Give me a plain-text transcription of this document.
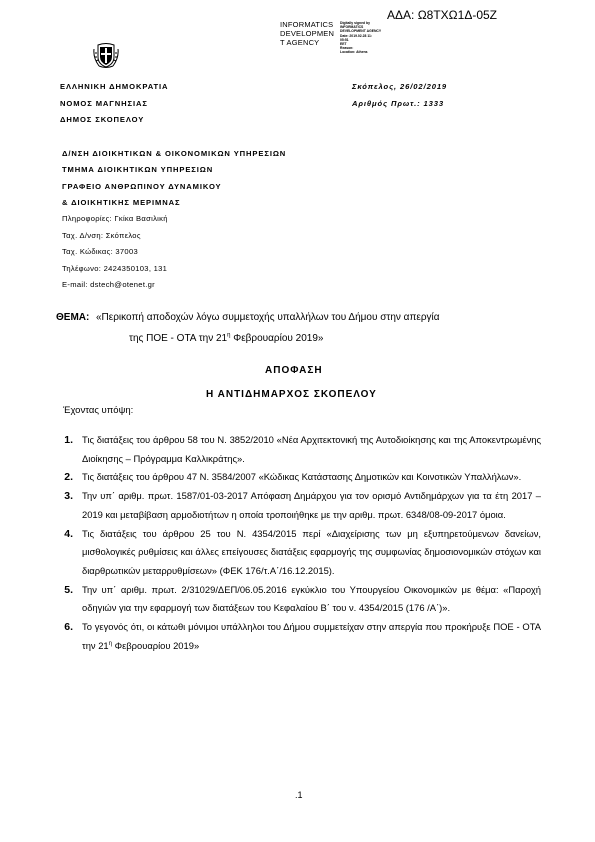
ΑΔΑ: Ω8ΤΧΩ1Δ-05Ζ
INFORMATICS
DEVELOPMEN
T AGENCY
Digitally signed by
INFORMATICS
DEVELOPMENT AGENCY
Date: 2019.02.28 11:
05:51
EET
Reason:
Location: Athens
ΕΛΛΗΝΙΚΗ ΔΗΜΟΚΡΑΤΙΑ
ΝΟΜΟΣ ΜΑΓΝΗΣΙΑΣ
ΔΗΜΟΣ ΣΚΟΠΕΛΟΥ
Σκόπελος, 26/02/2019
Αριθμός Πρωτ.: 1333
Δ/ΝΣΗ ΔΙΟΙΚΗΤΙΚΩΝ & ΟΙΚΟΝΟΜΙΚΩΝ ΥΠΗΡΕΣΙΩΝ
ΤΜΗΜΑ ΔΙΟΙΚΗΤΙΚΩΝ ΥΠΗΡΕΣΙΩΝ
ΓΡΑΦΕΙΟ ΑΝΘΡΩΠΙΝΟΥ ΔΥΝΑΜΙΚΟΥ
& ΔΙΟΙΚΗΤΙΚΗΣ ΜΕΡΙΜΝΑΣ
Πληροφορίες: Γκίκα Βασιλική
Ταχ. Δ/νση: Σκόπελος
Ταχ. Κώδικας: 37003
Τηλέφωνο: 2424350103, 131
E-mail: dstech@otenet.gr
ΘΕΜΑ: «Περικοπή αποδοχών λόγω συμμετοχής υπαλλήλων του Δήμου στην απεργία
της ΠΟΕ - ΟΤΑ την $21^\eta$ Φεβρουαρίου 2019»
ΑΠΟΦΑΣΗ
Η ΑΝΤΙΔΗΜΑΡΧΟΣ ΣΚΟΠΕΛΟΥ
Έχοντας υπόψη:
1. Τις διατάξεις του άρθρου 58 του Ν. 3852/2010 «Νέα Αρχιτεκτονική της Αυτοδιοίκησης και της Αποκεντρωμένης Διοίκησης – Πρόγραμμα Καλλικράτης».
2. Τις διατάξεις του άρθρου 47 Ν. 3584/2007 «Κώδικας Κατάστασης Δημοτικών και Κοινοτικών Υπαλλήλων».
3. Την υπ΄ αριθμ. πρωτ. 1587/01-03-2017 Απόφαση Δημάρχου για τον ορισμό Αντιδημάρχων για τα έτη 2017 – 2019 και μεταβίβαση αρμοδιοτήτων η οποία τροποιήθηκε με την αριθμ. πρωτ. 6348/08-09-2017 όμοια.
4. Τις διατάξεις του άρθρου 25 του Ν. 4354/2015 περί «Διαχείρισης των μη εξυπηρετούμενων δανείων, μισθολογικές ρυθμίσεις και άλλες επείγουσες διατάξεις εφαρμογής της συμφωνίας δημοσιονομικών στόχων και διαρθρωτικών μεταρρυθμίσεων» (ΦΕΚ 176/τ.Α΄/16.12.2015).
5. Την υπ΄ αριθμ. πρωτ. 2/31029/ΔΕΠ/06.05.2016 εγκύκλιο του Υπουργείου Οικονομικών με θέμα: «Παροχή οδηγιών για την εφαρμογή των διατάξεων του Κεφαλαίου Β΄ του ν. 4354/2015 (176 /Α΄)».
6. Το γεγονός ότι, οι κάτωθι μόνιμοι υπάλληλοι του Δήμου συμμετείχαν στην απεργία που προκήρυξε ΠΟΕ - ΟΤΑ την $21^\eta$ Φεβρουαρίου 2019»
.1
